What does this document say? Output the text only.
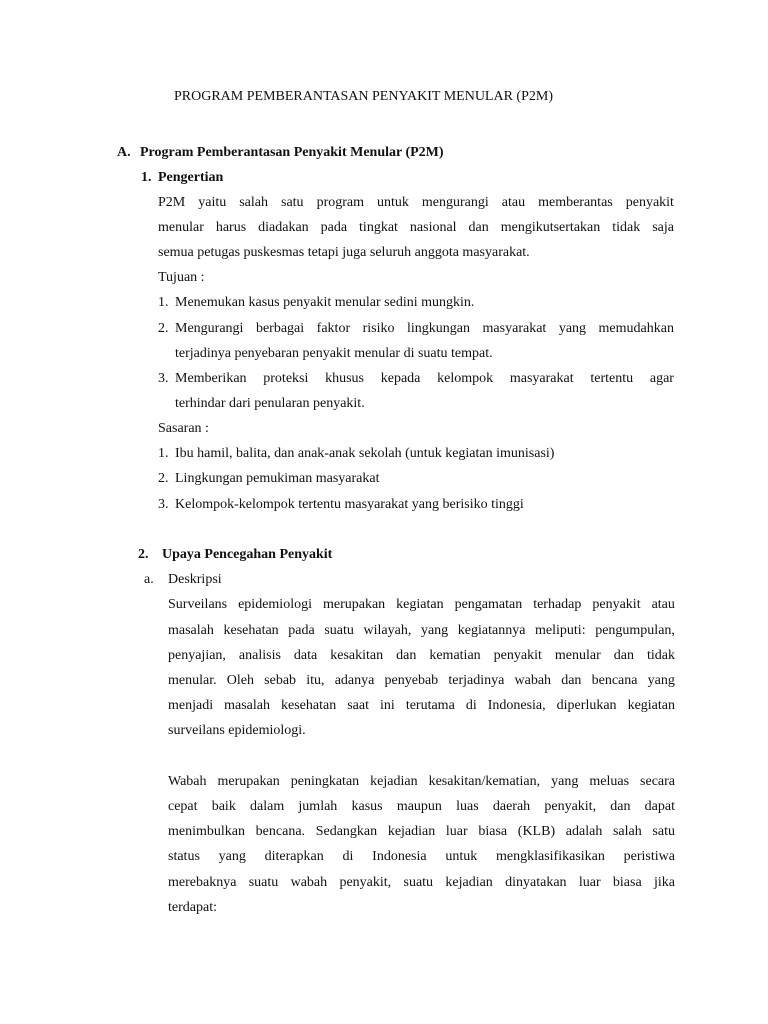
PROGRAM PEMBERANTASAN PENYAKIT MENULAR (P2M)
A. Program Pemberantasan Penyakit Menular (P2M)
1. Pengertian
P2M yaitu salah satu program untuk mengurangi atau memberantas penyakit
menular harus diadakan pada tingkat nasional dan mengikutsertakan tidak saja
semua petugas puskesmas tetapi juga seluruh anggota masyarakat.
Tujuan :
1. Menemukan kasus penyakit menular sedini mungkin.
2. Mengurangi berbagai faktor risiko lingkungan masyarakat yang memudahkan
terjadinya penyebaran penyakit menular di suatu tempat.
3. Memberikan proteksi khusus kepada kelompok masyarakat tertentu agar
terhindar dari penularan penyakit.
Sasaran :
1. Ibu hamil, balita, dan anak-anak sekolah (untuk kegiatan imunisasi)
2. Lingkungan pemukiman masyarakat
3. Kelompok-kelompok tertentu masyarakat yang berisiko tinggi
2. Upaya Pencegahan Penyakit
a. Deskripsi
Surveilans epidemiologi merupakan kegiatan pengamatan terhadap penyakit atau
masalah kesehatan pada suatu wilayah, yang kegiatannya meliputi: pengumpulan,
penyajian, analisis data kesakitan dan kematian penyakit menular dan tidak
menular. Oleh sebab itu, adanya penyebab terjadinya wabah dan bencana yang
menjadi masalah kesehatan saat ini terutama di Indonesia, diperlukan kegiatan
surveilans epidemiologi.
Wabah merupakan peningkatan kejadian kesakitan/kematian, yang meluas secara
cepat baik dalam jumlah kasus maupun luas daerah penyakit, dan dapat
menimbulkan bencana. Sedangkan kejadian luar biasa (KLB) adalah salah satu
status yang diterapkan di Indonesia untuk mengklasifikasikan peristiwa
merebaknya suatu wabah penyakit, suatu kejadian dinyatakan luar biasa jika
terdapat:
